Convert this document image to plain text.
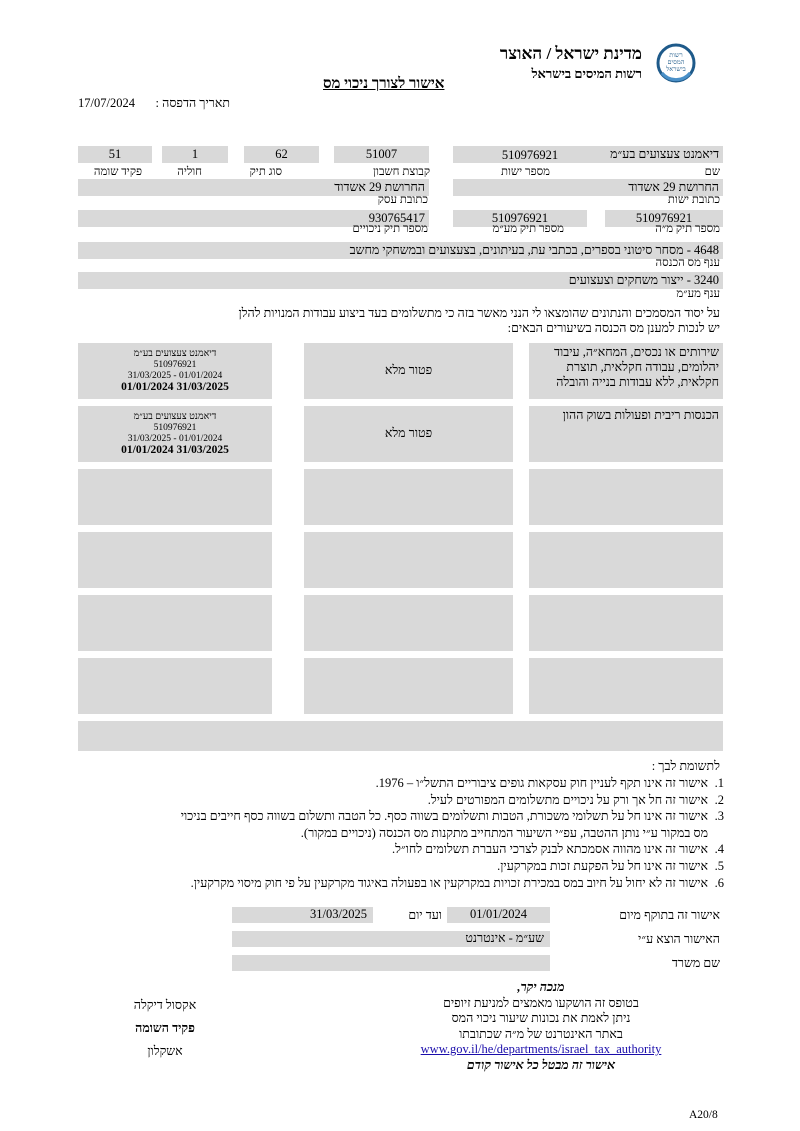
רשות המסים בישראל
מדינת ישראל / האוצר
רשות המיסים בישראל
אישור לצורך ניכוי מס
תאריך הדפסה :
17/07/2024
דיאמנט צעצועים בע״מ
שם
510976921
מספר ישות
51007
קבוצת חשבון
62
סוג תיק
1
חוליה
51
פקיד שומה
החרושת 29 אשדוד
כתובת ישות
החרושת 29 אשדוד
כתובת עסק
510976921
מספר תיק מ״ה
510976921
מספר תיק מע״מ
930765417
מספר תיק ניכויים
4648 - מסחר סיטוני בספרים, בכתבי עת, בעיתונים, בצעצועים ובמשחקי מחשב
ענף מס הכנסה
3240 - ייצור משחקים וצעצועים
ענף מע״מ
על יסוד המסמכים והנתונים שהומצאו לי הנני מאשר בזה כי מתשלומים בעד ביצוע עבודות המנויות להלן
יש לנכות למענן מס הכנסה בשיעורים הבאים:
שירותים או נכסים, המחא״ה, עיבוד יהלומים, עבודה חקלאית, תוצרת חקלאית, ללא עבודות בנייה והובלה
פטור מלא
דיאמנט צעצועים בע״מ
510976921
01/01/2024 - 31/03/2025
31/03/2025 01/01/2024
הכנסות ריבית ופעולות בשוק ההון
פטור מלא
דיאמנט צעצועים בע״מ
510976921
01/01/2024 - 31/03/2025
31/03/2025 01/01/2024
לתשומת לבך :
1.אישור זה אינו תקף לעניין חוק עסקאות גופים ציבוריים התשל״ו – 1976.
2.אישור זה חל אך ורק על ניכויים מתשלומים המפורטים לעיל.
3.אישור זה אינו חל על תשלומי משכורת, הטבות ותשלומים בשווה כסף. כל הטבה ותשלום בשווה כסף חייבים בניכוי
מס במקור ע״י נותן ההטבה, עפ״י השיעור המתחייב מתקנות מס הכנסה (ניכויים במקור).
4.אישור זה אינו מהווה אסמכתא לבנק לצרכי העברת תשלומים לחו״ל.
5.אישור זה אינו חל על הפקעת זכות במקרקעין.
6.אישור זה לא יחול על חיוב במס במכירת זכויות במקרקעין או בפעולה באיגוד מקרקעין על פי חוק מיסוי מקרקעין.
אישור זה בתוקף מיום
01/01/2024
ועד יום
31/03/2025
האישור הוצא ע״י
שע״מ - אינטרנט
שם משרד
מנכה יקר,
בטופס זה הושקעו מאמצים למניעת זיופים
ניתן לאמת את נכונות שיעור ניכוי המס
באתר האינטרנט של מ״ה שכתובתו
www.gov.il/he/departments/israel_tax_authority
אישור זה מבטל כל אישור קודם
אקסול דיקלה
פקיד השומה
אשקלון
A20/8
